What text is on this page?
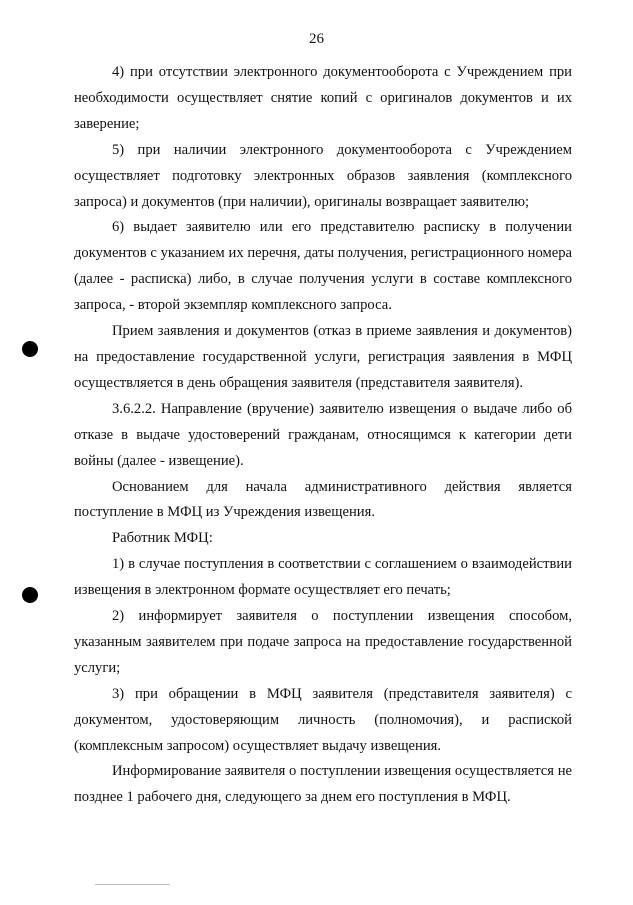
26

4) при отсутствии электронного документооборота с Учреждением при необходимости осуществляет снятие копий с оригиналов документов и их заверение;

5) при наличии электронного документооборота с Учреждением осуществляет подготовку электронных образов заявления (комплексного запроса) и документов (при наличии), оригиналы возвращает заявителю;

6) выдает заявителю или его представителю расписку в получении документов с указанием их перечня, даты получения, регистрационного номера (далее - расписка) либо, в случае получения услуги в составе комплексного запроса, - второй экземпляр комплексного запроса.

Прием заявления и документов (отказ в приеме заявления и документов) на предоставление государственной услуги, регистрация заявления в МФЦ осуществляется в день обращения заявителя (представителя заявителя).

3.6.2.2. Направление (вручение) заявителю извещения о выдаче либо об отказе в выдаче удостоверений гражданам, относящимся к категории дети войны (далее - извещение).

Основанием для начала административного действия является поступление в МФЦ из Учреждения извещения.

Работник МФЦ:

1) в случае поступления в соответствии с соглашением о взаимодействии извещения в электронном формате осуществляет его печать;

2) информирует заявителя о поступлении извещения способом, указанным заявителем при подаче запроса на предоставление государственной услуги;

3) при обращении в МФЦ заявителя (представителя заявителя) с документом, удостоверяющим личность (полномочия), и распиской (комплексным запросом) осуществляет выдачу извещения.

Информирование заявителя о поступлении извещения осуществляется не позднее 1 рабочего дня, следующего за днем его поступления в МФЦ.
